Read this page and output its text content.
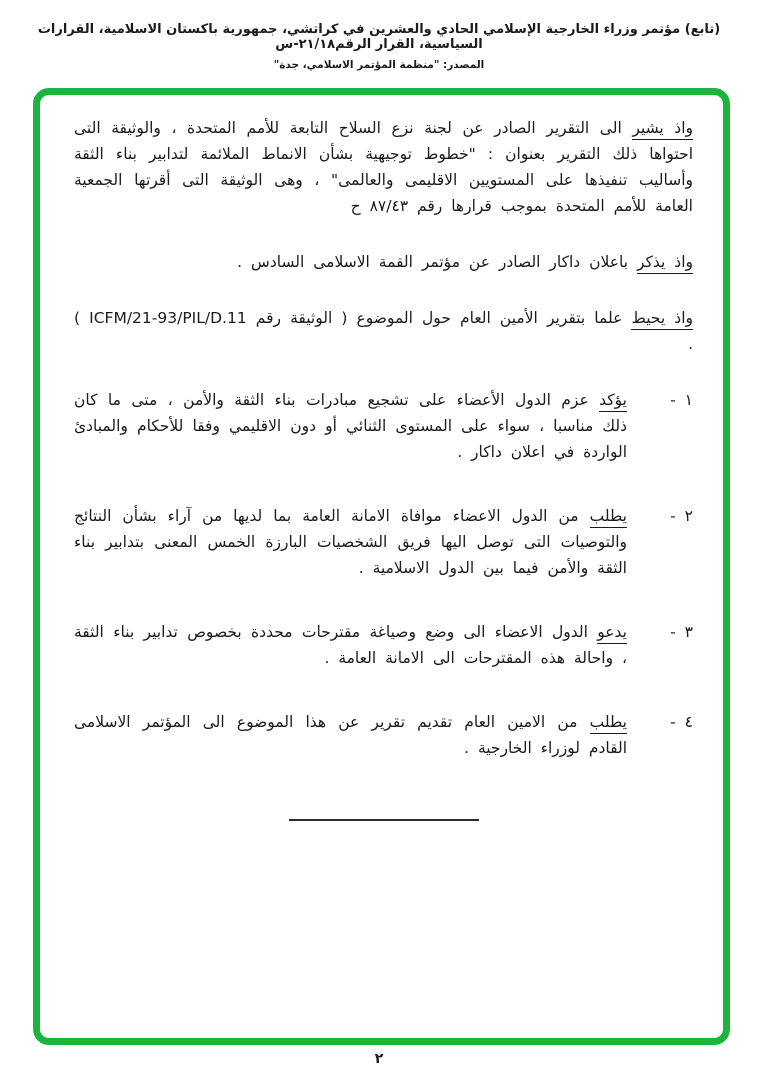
(تابع) مؤتمر وزراء الخارجية الإسلامي الحادي والعشرين في كراتشي، جمهورية باكستان الاسلامية، القرارات السياسية، القرار الرقم٢١/١٨-س
المصدر: "منظمة المؤتمر الاسلامي، جدة"

واذ يشير الى التقرير الصادر عن لجنة نزع السلاح التابعة للأمم المتحدة ، والوثيقة التى احتواها ذلك التقرير بعنوان : "خطوط توجيهية بشأن الانماط الملائمة لتدابير بناء الثقة وأساليب تنفيذها على المستويين الاقليمى والعالمى" ، وهى الوثيقة التى أقرتها الجمعية العامة للأمم المتحدة بموجب قرارها رقم ٨٧/٤٣ ح

واذ يذكر باعلان داكار الصادر عن مؤتمر القمة الاسلامى السادس .

واذ يحيط علما بتقرير الأمين العام حول الموضوع ( الوثيقة رقم ICFM/21-93/PIL/D.11 ) .

١ -

يؤكد عزم الدول الأعضاء على تشجيع مبادرات بناء الثقة والأمن ، متى ما كان ذلك مناسبا ، سواء على المستوى الثنائي أو دون الاقليمي وفقا للأحكام والمبادئ الواردة في اعلان داكار .

٢ -

يطلب من الدول الاعضاء موافاة الامانة العامة بما لديها من آراء بشأن النتائج والتوصيات التى توصل اليها فريق الشخصيات البارزة الخمس المعنى بتدابير بناء الثقة والأمن فيما بين الدول الاسلامية .

٣ -

يدعو الدول الاعضاء الى وضع وصياغة مقترحات محددة بخصوص تدابير بناء الثقة ، واحالة هذه المقترحات الى الامانة العامة .

٤ -

يطلب من الامين العام تقديم تقرير عن هذا الموضوع الى المؤتمر الاسلامى القادم لوزراء الخارجية .

٢
